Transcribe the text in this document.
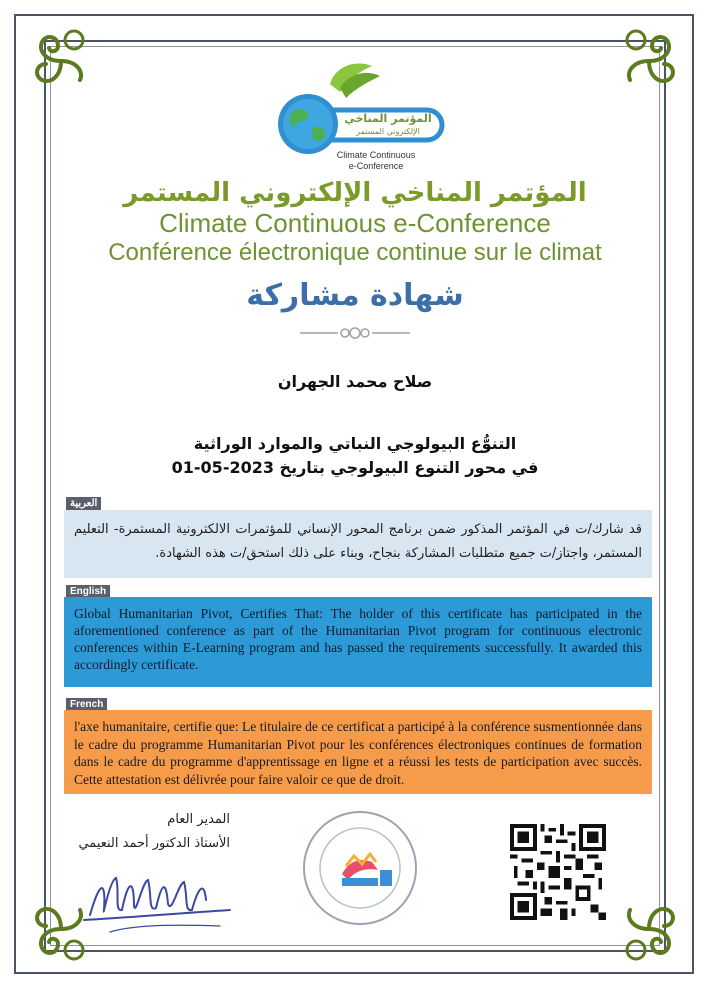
المؤتمر المناخي
الإلكتروني المستمر
Climate Continuous
e-Conference
المؤتمر المناخي الإلكتروني المستمر
Climate Continuous e-Conference
Conférence électronique continue sur le climat
شهادة مشاركة
صلاح محمد الجهران
التنوُّع البيولوجي النباتي والموارد الوراثية
في محور التنوع البيولوجي بتاريخ 2023-05-01
العربية
قد شارك/ت في المؤتمر المذكور ضمن برنامج المحور الإنساني للمؤتمرات الالكترونية المستمرة- التعليم المستمر، واجتاز/ت جميع متطلبات المشاركة بنجاح، وبناء على ذلك استحق/ت هذه الشهادة.
English
Global Humanitarian Pivot, Certifies That: The holder of this certificate has participated in the aforementioned conference as part of the Humanitarian Pivot program for continuous electronic conferences within E-Learning program and has passed the requirements successfully. It awarded this accordingly certificate.
French
l'axe humanitaire, certifie que: Le titulaire de ce certificat a participé à la conférence susmentionnée dans le cadre du programme Humanitarian Pivot pour les conférences électroniques continues de formation dans le cadre du programme d'apprentissage en ligne et a réussi les tests de participation avec succès. Cette attestation est délivrée pour faire valoir ce que de droit.
المدير العام
الأستاذ الدكتور أحمد النعيمي
